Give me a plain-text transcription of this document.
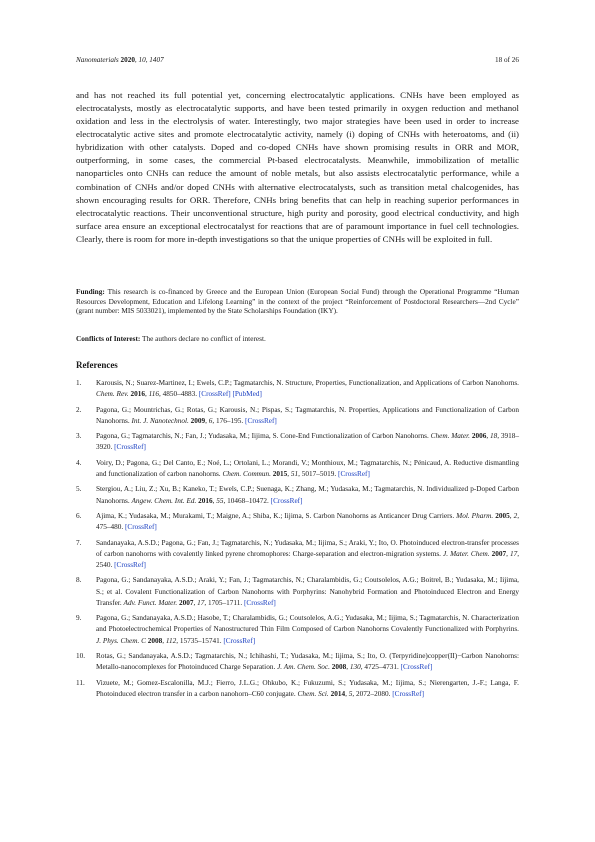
Nanomaterials 2020, 10, 1407	18 of 26

and has not reached its full potential yet, concerning electrocatalytic applications. CNHs have been employed as electrocatalysts, mostly as electrocatalytic supports, and have been tested primarily in oxygen reduction and methanol oxidation and less in the electrolysis of water. Interestingly, two major strategies have been used in order to increase electrocatalytic active sites and promote electrocatalytic activity, namely (i) doping of CNHs with heteroatoms, and (ii) hybridization with other catalysts. Doped and co-doped CNHs have shown promising results in ORR and MOR, outperforming, in some cases, the commercial Pt-based electrocatalysts. Meanwhile, immobilization of metallic nanoparticles onto CNHs can reduce the amount of noble metals, but also assists electrocatalytic performance, while a combination of CNHs and/or doped CNHs with alternative electrocatalysts, such as transition metal chalcogenides, has shown encouraging results for ORR. Therefore, CNHs bring benefits that can help in reaching superior performances in electrocatalytic reactions. Their unconventional structure, high purity and porosity, good electrical conductivity, and high surface area ensure an exceptional electrocatalyst for reactions that are of paramount importance in fuel cell technologies. Clearly, there is room for more in-depth investigations so that the unique properties of CNHs will be exploited in full.

Funding: This research is co-financed by Greece and the European Union (European Social Fund) through the Operational Programme “Human Resources Development, Education and Lifelong Learning” in the context of the project “Reinforcement of Postdoctoral Researchers—2nd Cycle” (grant number: MIS 5033021), implemented by the State Scholarships Foundation (IKY).

Conflicts of Interest: The authors declare no conflict of interest.

References
1. Karousis, N.; Suarez-Martinez, I.; Ewels, C.P.; Tagmatarchis, N. Structure, Properties, Functionalization, and Applications of Carbon Nanohorns. Chem. Rev. 2016, 116, 4850–4883. [CrossRef] [PubMed]
2. Pagona, G.; Mountrichas, G.; Rotas, G.; Karousis, N.; Pispas, S.; Tagmatarchis, N. Properties, Applications and Functionalization of Carbon Nanohorns. Int. J. Nanotechnol. 2009, 6, 176–195. [CrossRef]
3. Pagona, G.; Tagmatarchis, N.; Fan, J.; Yudasaka, M.; Iijima, S. Cone-End Functionalization of Carbon Nanohorns. Chem. Mater. 2006, 18, 3918–3920. [CrossRef]
4. Voiry, D.; Pagona, G.; Del Canto, E.; Noé, L.; Ortolani, L.; Morandi, V.; Monthioux, M.; Tagmatarchis, N.; Pénicaud, A. Reductive dismantling and functionalization of carbon nanohorns. Chem. Commun. 2015, 51, 5017–5019. [CrossRef]
5. Stergiou, A.; Liu, Z.; Xu, B.; Kaneko, T.; Ewels, C.P.; Suenaga, K.; Zhang, M.; Yudasaka, M.; Tagmatarchis, N. Individualized p-Doped Carbon Nanohorns. Angew. Chem. Int. Ed. 2016, 55, 10468–10472. [CrossRef]
6. Ajima, K.; Yudasaka, M.; Murakami, T.; Maigne, A.; Shiba, K.; Iijima, S. Carbon Nanohorns as Anticancer Drug Carriers. Mol. Pharm. 2005, 2, 475–480. [CrossRef]
7. Sandanayaka, A.S.D.; Pagona, G.; Fan, J.; Tagmatarchis, N.; Yudasaka, M.; Iijima, S.; Araki, Y.; Ito, O. Photoinduced electron-transfer processes of carbon nanohorns with covalently linked pyrene chromophores: Charge-separation and electron-migration systems. J. Mater. Chem. 2007, 17, 2540. [CrossRef]
8. Pagona, G.; Sandanayaka, A.S.D.; Araki, Y.; Fan, J.; Tagmatarchis, N.; Charalambidis, G.; Coutsolelos, A.G.; Boitrel, B.; Yudasaka, M.; Iijima, S.; et al. Covalent Functionalization of Carbon Nanohorns with Porphyrins: Nanohybrid Formation and Photoinduced Electron and Energy Transfer. Adv. Funct. Mater. 2007, 17, 1705–1711. [CrossRef]
9. Pagona, G.; Sandanayaka, A.S.D.; Hasobe, T.; Charalambidis, G.; Coutsolelos, A.G.; Yudasaka, M.; Iijima, S.; Tagmatarchis, N. Characterization and Photoelectrochemical Properties of Nanostructured Thin Film Composed of Carbon Nanohorns Covalently Functionalized with Porphyrins. J. Phys. Chem. C 2008, 112, 15735–15741. [CrossRef]
10. Rotas, G.; Sandanayaka, A.S.D.; Tagmatarchis, N.; Ichihashi, T.; Yudasaka, M.; Iijima, S.; Ito, O. (Terpyridine)copper(II)−Carbon Nanohorns: Metallo-nanocomplexes for Photoinduced Charge Separation. J. Am. Chem. Soc. 2008, 130, 4725–4731. [CrossRef]
11. Vizuete, M.; Gomez-Escalonilla, M.J.; Fierro, J.L.G.; Ohkubo, K.; Fukuzumi, S.; Yudasaka, M.; Iijima, S.; Nierengarten, J.-F.; Langa, F. Photoinduced electron transfer in a carbon nanohorn–C60 conjugate. Chem. Sci. 2014, 5, 2072–2080. [CrossRef]
